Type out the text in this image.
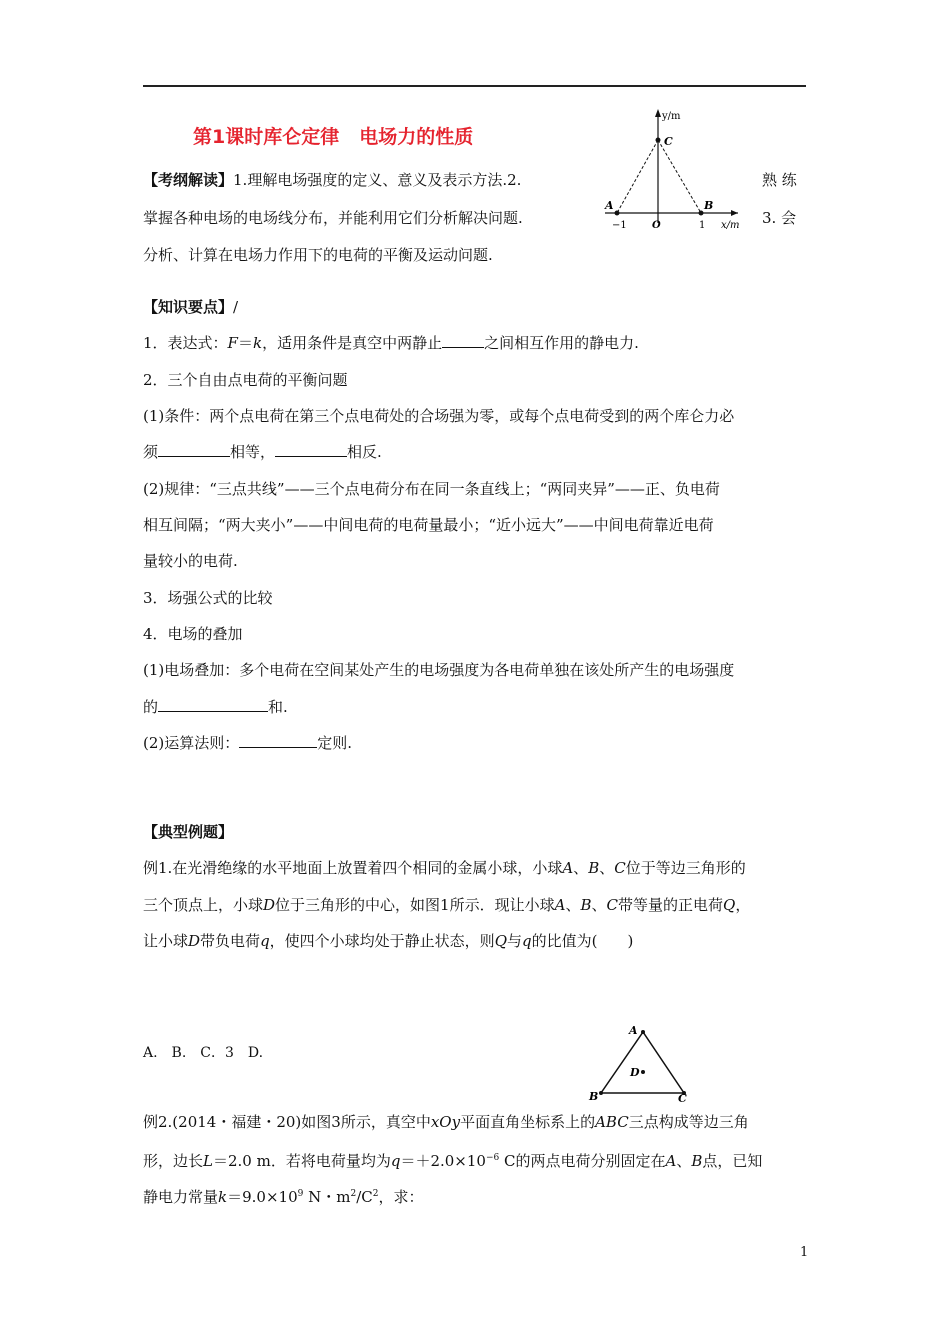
第1课时库仑定律 电场力的性质
y/m
C
A	B
−1	O	1 x/m
【考纲解读】1.理解电场强度的定义、意义及表示方法.2.	熟 练
掌握各种电场的电场线分布，并能利用它们分析解决问题.	3. 会
分析、计算在电场力作用下的电荷的平衡及运动问题.
【知识要点】/
1．表达式：F＝k，适用条件是真空中两静止	之间相互作用的静电力.
2．三个自由点电荷的平衡问题
(1)条件：两个点电荷在第三个点电荷处的合场强为零，或每个点电荷受到的两个库仑力必
须	相等，	相反.
(2)规律：“三点共线”——三个点电荷分布在同一条直线上；“两同夹异”——正、负电荷
相互间隔；“两大夹小”——中间电荷的电荷量最小；“近小远大”——中间电荷靠近电荷
量较小的电荷.
3．场强公式的比较
4．电场的叠加
(1)电场叠加：多个电荷在空间某处产生的电场强度为各电荷单独在该处所产生的电场强度
的	和.
(2)运算法则：	定则.
【典型例题】
例1.在光滑绝缘的水平地面上放置着四个相同的金属小球，小球A、B、C位于等边三角形的
三个顶点上，小球D位于三角形的中心，如图1所示．现让小球A、B、C带等量的正电荷Q，
让小球D带负电荷q，使四个小球均处于静止状态，则Q与q的比值为(　　)
A.　B.　C．3　D.
A
B	C
D
例2.(2014・福建・20)如图3所示，真空中xOy平面直角坐标系上的ABC三点构成等边三角
形，边长L＝2.0 m．若将电荷量均为$q=+2.0\times 10^{-6}$ C的两点电荷分别固定在A、B点，已知
静电力常量$k=9.0\times 10^9$ N・$m^2/C^2$，求：
1
